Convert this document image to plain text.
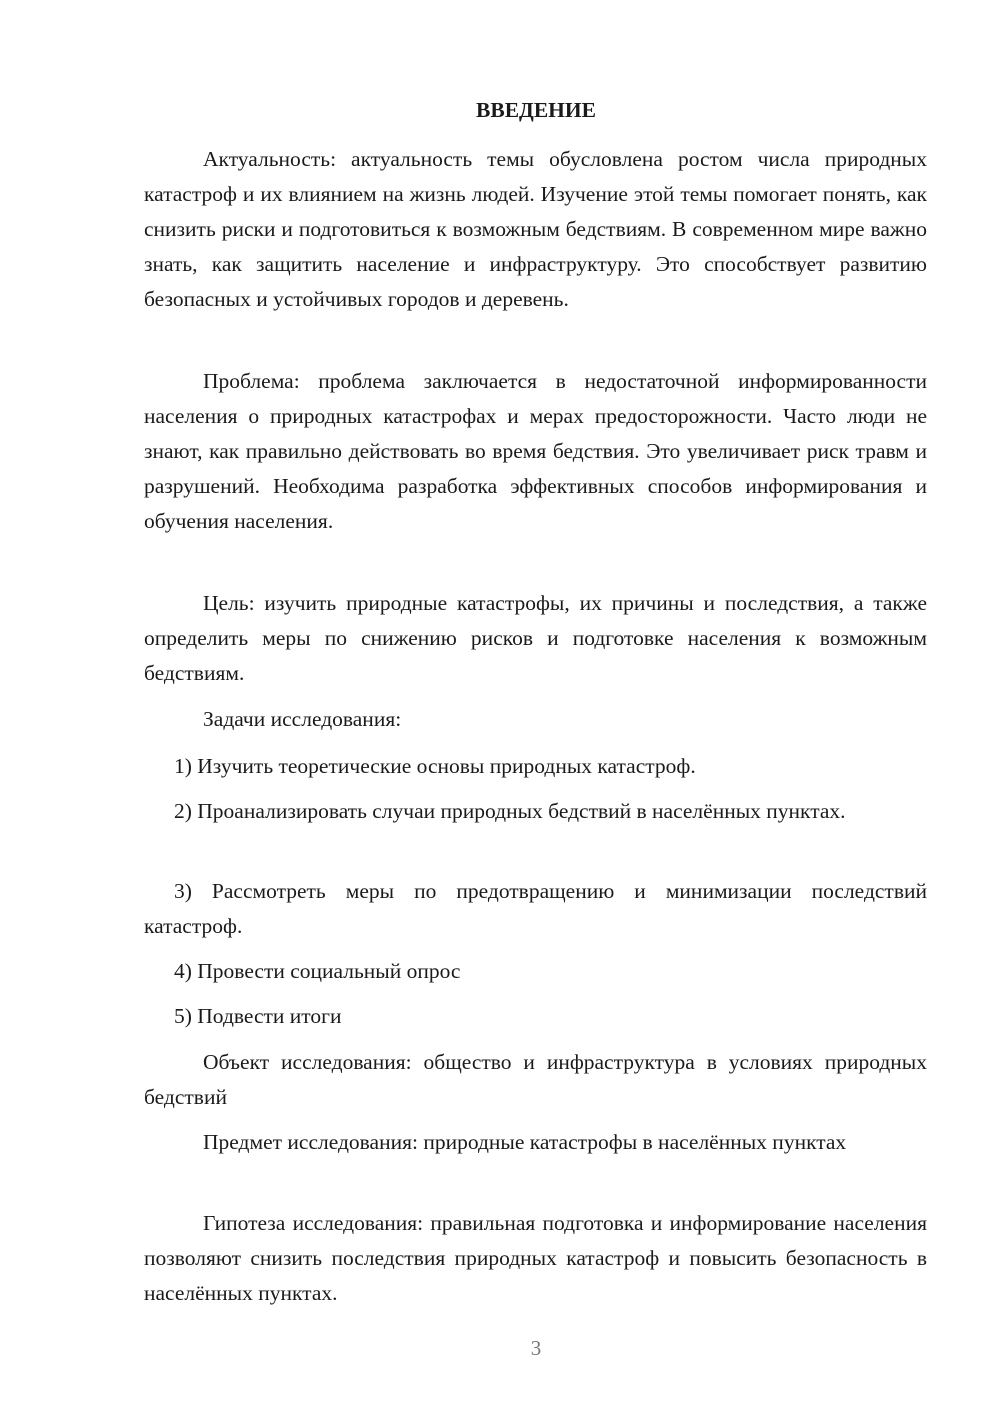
ВВЕДЕНИЕ

Актуальность: актуальность темы обусловлена ростом числа природных катастроф и их влиянием на жизнь людей. Изучение этой темы помогает понять, как снизить риски и подготовиться к возможным бедствиям. В современном мире важно знать, как защитить население и инфраструктуру. Это способствует развитию безопасных и устойчивых городов и деревень.

Проблема: проблема заключается в недостаточной информированности населения о природных катастрофах и мерах предосторожности. Часто люди не знают, как правильно действовать во время бедствия. Это увеличивает риск травм и разрушений. Необходима разработка эффективных способов информирования и обучения населения.

Цель: изучить природные катастрофы, их причины и последствия, а также определить меры по снижению рисков и подготовке населения к возможным бедствиям.

Задачи исследования:

1) Изучить теоретические основы природных катастроф.

2) Проанализировать случаи природных бедствий в населённых пунктах.

3) Рассмотреть меры по предотвращению и минимизации последствий катастроф.

4) Провести социальный опрос

5) Подвести итоги

Объект исследования: общество и инфраструктура в условиях природных бедствий

Предмет исследования: природные катастрофы в населённых пунктах

Гипотеза исследования: правильная подготовка и информирование населения позволяют снизить последствия природных катастроф и повысить безопасность в населённых пунктах.

3
